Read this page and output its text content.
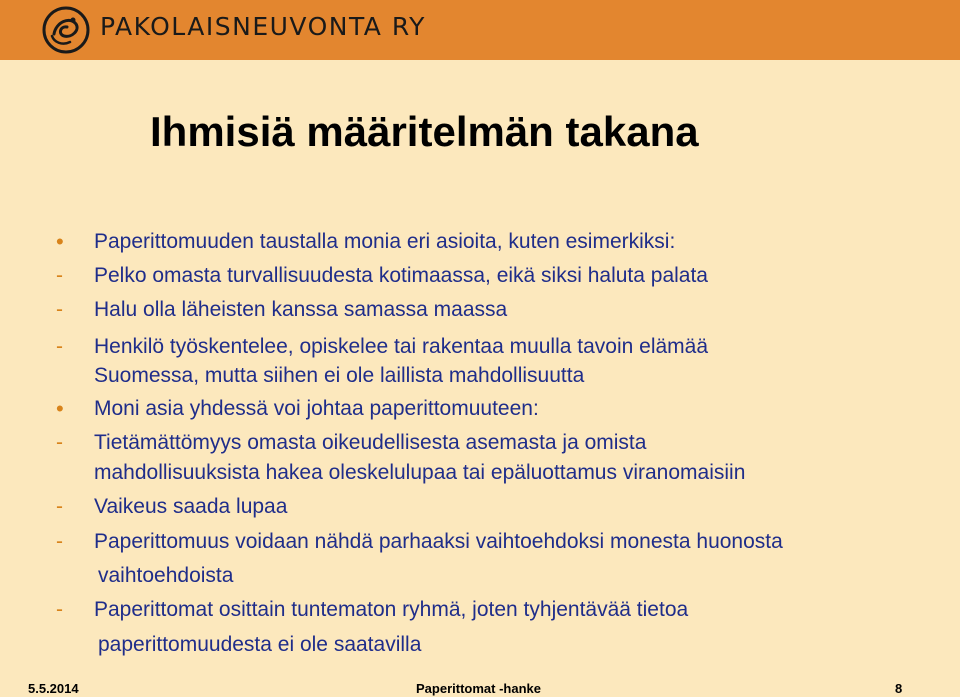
PAKOLAISNEUVONTA RY
Ihmisiä määritelmän takana
• Paperittomuuden taustalla monia eri asioita, kuten esimerkiksi:
- Pelko omasta turvallisuudesta kotimaassa, eikä siksi haluta palata
- Halu olla läheisten kanssa samassa maassa
- Henkilö työskentelee, opiskelee tai rakentaa muulla tavoin elämää
Suomessa, mutta siihen ei ole laillista mahdollisuutta
• Moni asia yhdessä voi johtaa paperittomuuteen:
- Tietämättömyys omasta oikeudellisesta asemasta ja omista
mahdollisuuksista hakea oleskelulupaa tai epäluottamus viranomaisiin
- Vaikeus saada lupaa
- Paperittomuus voidaan nähdä parhaaksi vaihtoehdoksi monesta huonosta
vaihtoehdoista
- Paperittomat osittain tuntematon ryhmä, joten tyhjentävää tietoa
paperittomuudesta ei ole saatavilla
5.5.2014	Paperittomat -hanke	8
